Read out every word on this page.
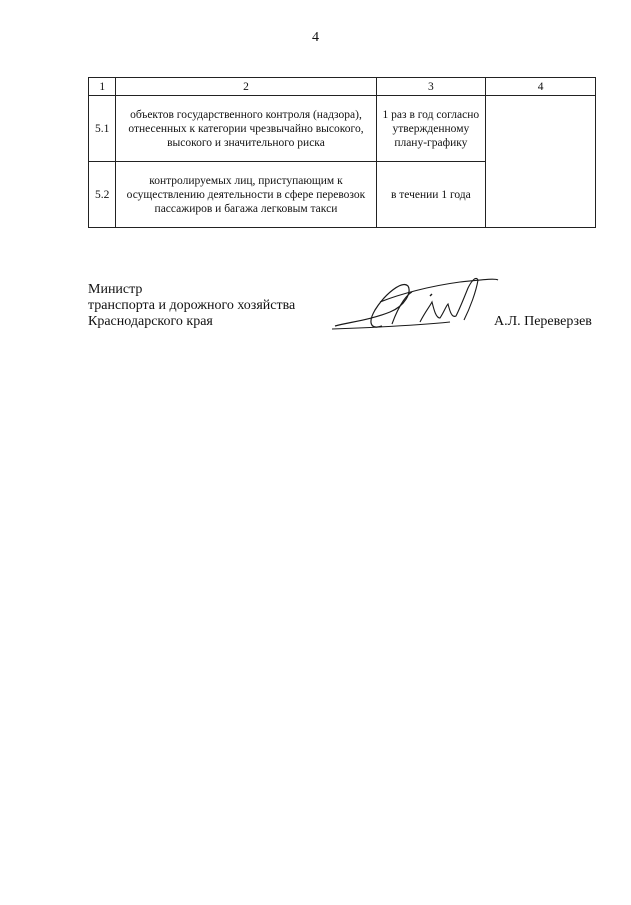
4
1	2	3	4
5.1	объектов государственного контроля (надзора), отнесенных к категории чрезвычайно высокого, высокого и значительного риска	1 раз в год согласно утвержденному плану-графику	
5.2	контролируемых лиц, приступающим к осуществлению деятельности в сфере перевозок пассажиров и багажа легковым такси	в течении 1 года	
Министр
транспорта и дорожного хозяйства
Краснодарского края	А.Л. Переверзев
